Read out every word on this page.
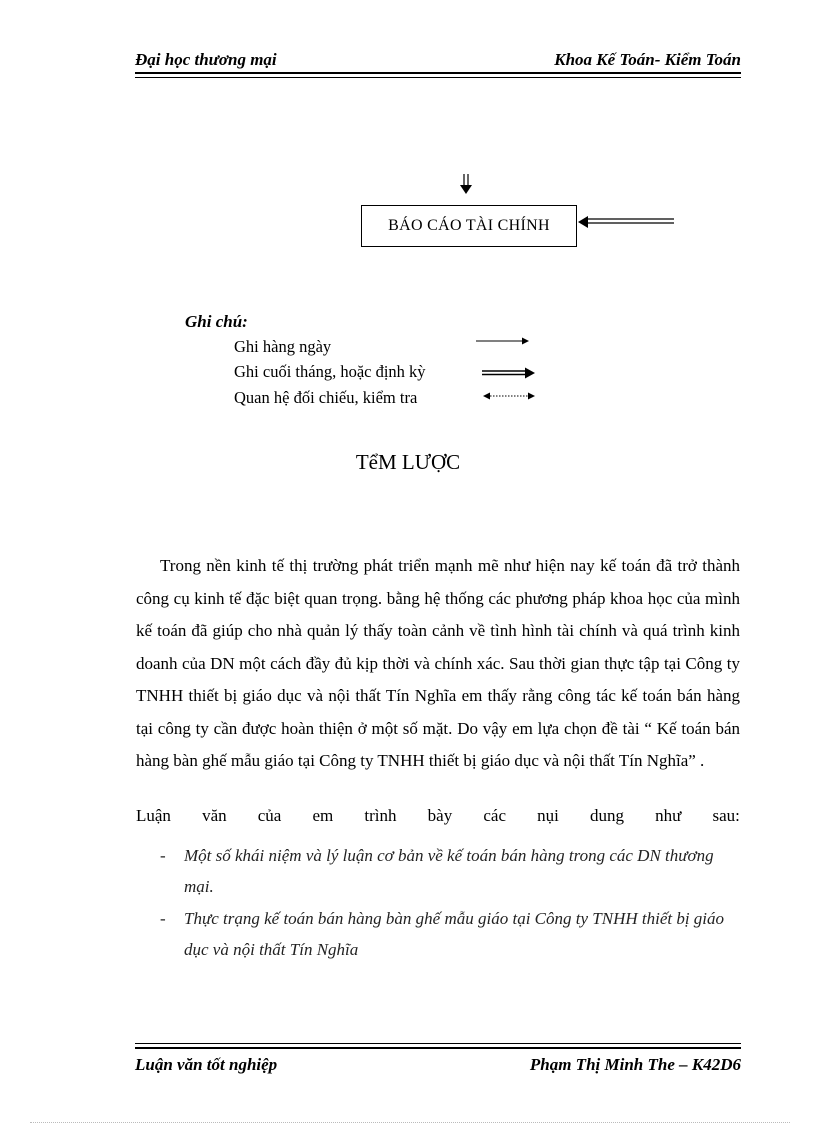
Đại học thương mại	Khoa Kế Toán- Kiểm Toán
BÁO CÁO TÀI CHÍNH
Ghi chú:
Ghi hàng ngày
Ghi cuối tháng, hoặc định kỳ
Quan hệ đối chiếu, kiểm tra
TểM LƯỢC

Trong nền kinh tế thị trường phát triển mạnh mẽ như hiện nay kế toán đã trở thành công cụ kinh tế đặc biệt quan trọng. bằng hệ thống các phương pháp khoa học của mình kế toán đã giúp cho nhà quản lý thấy toàn cảnh về tình hình tài chính và quá trình kinh doanh của DN một cách đầy đủ kịp thời và chính xác. Sau thời gian thực tập tại Công ty TNHH thiết bị giáo dục và nội thất Tín Nghĩa em thấy rằng công tác kế toán bán hàng tại công ty cần được hoàn thiện ở một số mặt. Do vậy em lựa chọn đề tài “ Kế toán bán hàng bàn ghế mẫu giáo tại Công ty TNHH thiết bị giáo dục và nội thất Tín Nghĩa” .

Luận văn của em trình bày các nụi dung như sau:
- Một số khái niệm và lý luận cơ bản về kế toán bán hàng trong các DN thương mại.
- Thực trạng kế toán bán hàng bàn ghế mẫu giáo tại Công ty TNHH thiết bị giáo dục và nội thất Tín Nghĩa
Luận văn tốt nghiệp	Phạm Thị Minh The – K42D6
